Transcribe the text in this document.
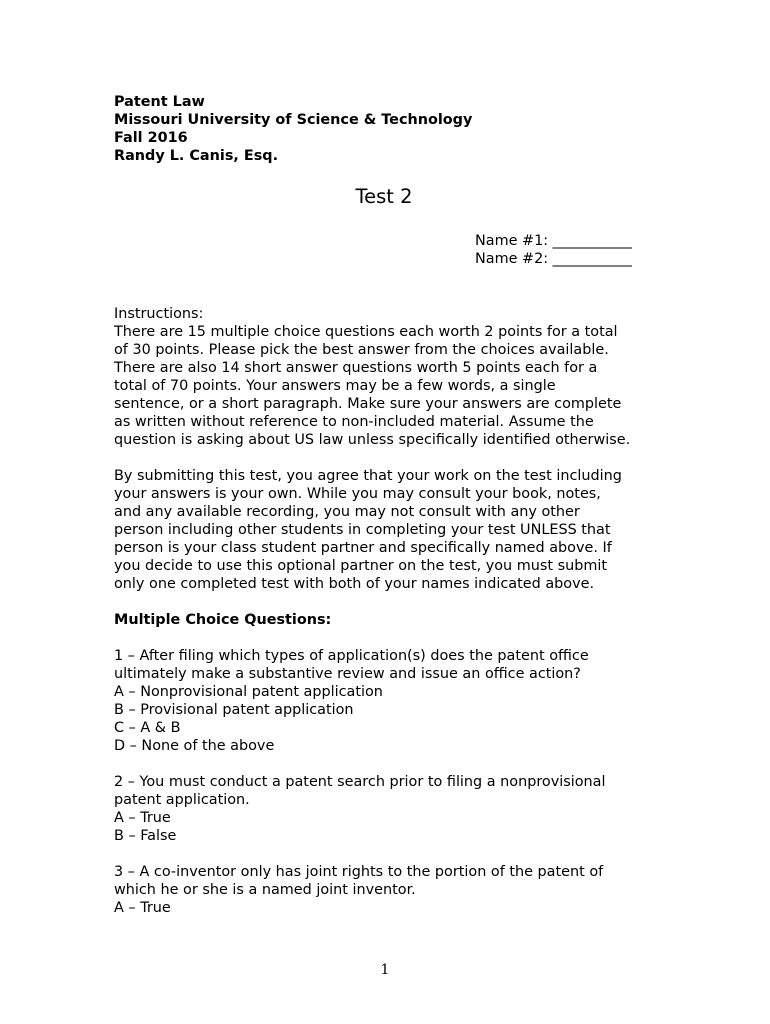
Patent Law

Missouri University of Science & Technology

Fall 2016

Randy L. Canis, Esq.

Test 2

Name #1: ___________
Name #2: ___________

Instructions:

There are 15 multiple choice questions each worth 2 points for a total

of 30 points. Please pick the best answer from the choices available.

There are also 14 short answer questions worth 5 points each for a

total of 70 points. Your answers may be a few words, a single

sentence, or a short paragraph. Make sure your answers are complete

as written without reference to non-included material. Assume the

question is asking about US law unless specifically identified otherwise.

By submitting this test, you agree that your work on the test including

your answers is your own. While you may consult your book, notes,

and any available recording, you may not consult with any other

person including other students in completing your test UNLESS that

person is your class student partner and specifically named above. If

you decide to use this optional partner on the test, you must submit

only one completed test with both of your names indicated above.

Multiple Choice Questions:

1 – After filing which types of application(s) does the patent office

ultimately make a substantive review and issue an office action?

A – Nonprovisional patent application

B – Provisional patent application

C – A & B

D – None of the above

2 – You must conduct a patent search prior to filing a nonprovisional

patent application.

A – True

B – False

3 – A co-inventor only has joint rights to the portion of the patent of

which he or she is a named joint inventor.

A – True

1
